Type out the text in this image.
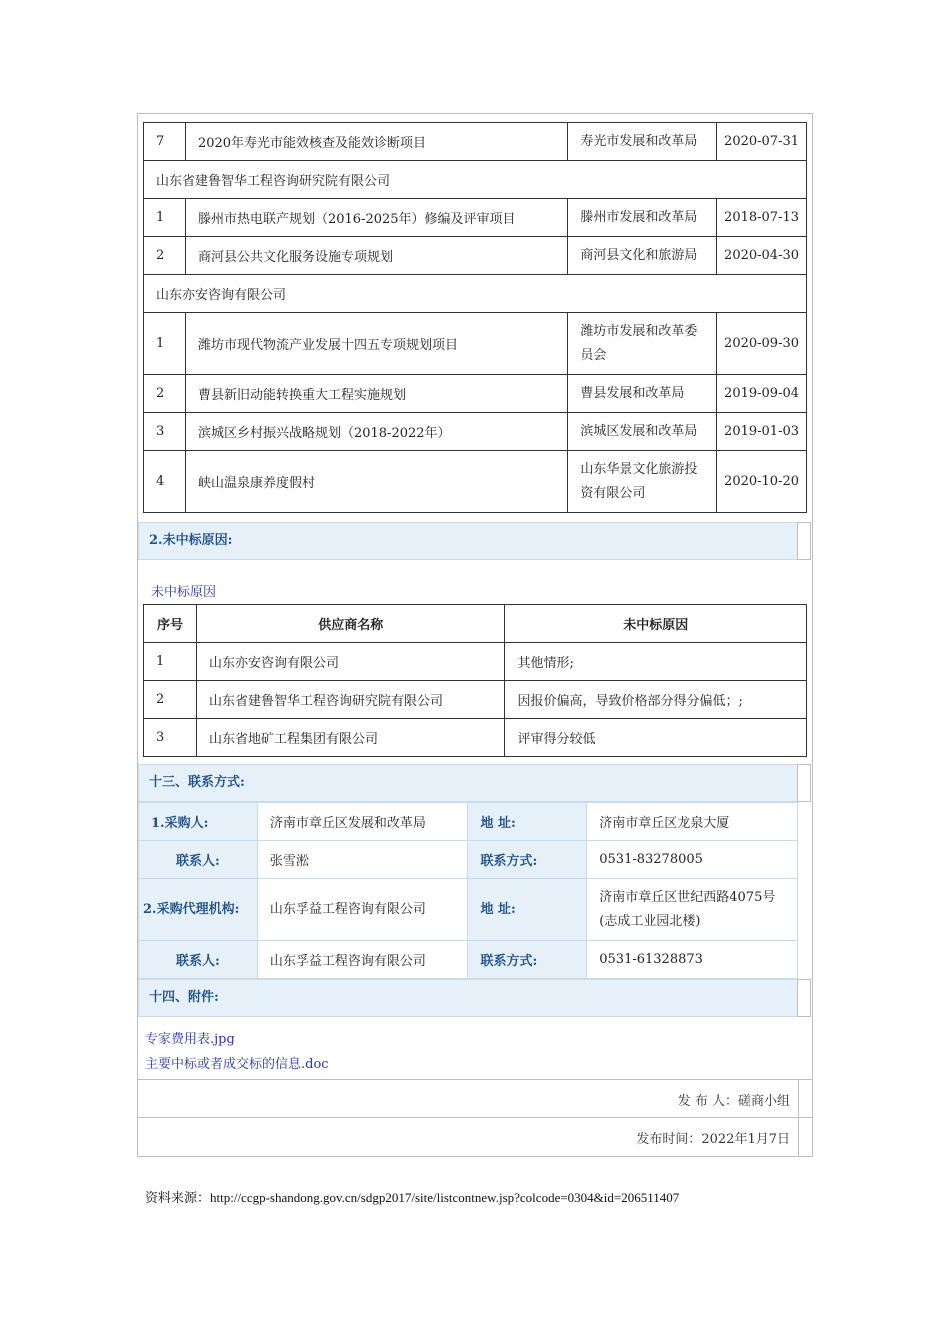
7	2020年寿光市能效核查及能效诊断项目	寿光市发展和改革局	2020-07-31
山东省建鲁智华工程咨询研究院有限公司			
1	滕州市热电联产规划（2016-2025年）修编及评审项目	滕州市发展和改革局	2018-07-13
2	商河县公共文化服务设施专项规划	商河县文化和旅游局	2020-04-30
山东亦安咨询有限公司			
1	潍坊市现代物流产业发展十四五专项规划项目	潍坊市发展和改革委员会	2020-09-30
2	曹县新旧动能转换重大工程实施规划	曹县发展和改革局	2019-09-04
3	滨城区乡村振兴战略规划（2018-2022年）	滨城区发展和改革局	2019-01-03
4	峡山温泉康养度假村	山东华景文化旅游投资有限公司	2020-10-20
2.未中标原因:
未中标原因
序号	供应商名称	未中标原因
1	山东亦安咨询有限公司	其他情形;
2	山东省建鲁智华工程咨询研究院有限公司	因报价偏高，导致价格部分得分偏低；;
3	山东省地矿工程集团有限公司	评审得分较低
十三、联系方式:
1.采购人:	济南市章丘区发展和改革局	地 址:	济南市章丘区龙泉大厦
联系人:	张雪淞	联系方式:	0531-83278005
2.采购代理机构:	山东孚益工程咨询有限公司	地 址:	济南市章丘区世纪西路4075号(志成工业园北楼)
联系人:	山东孚益工程咨询有限公司	联系方式:	0531-61328873
十四、附件:
专家费用表.jpg
主要中标或者成交标的信息.doc
发 布 人：磋商小组
发布时间：2022年1月7日
资料来源：http://ccgp-shandong.gov.cn/sdgp2017/site/listcontnew.jsp?colcode=0304&id=206511407
